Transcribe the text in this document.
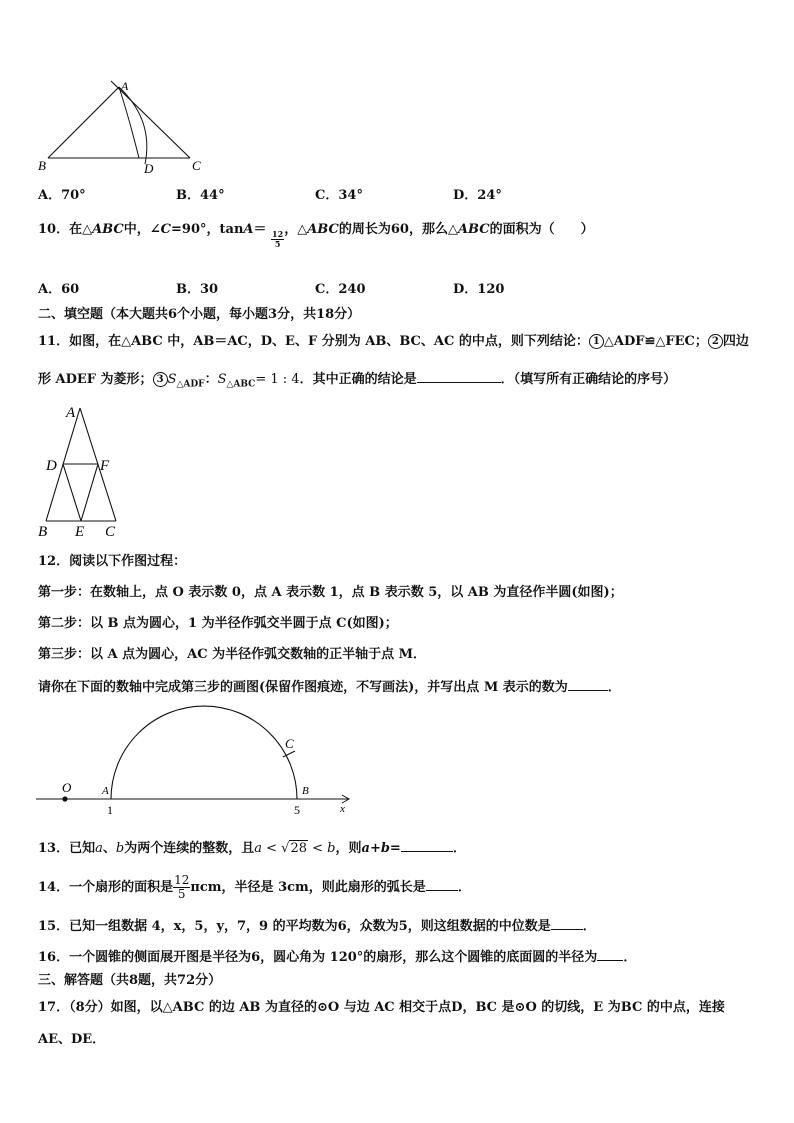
A
B	C
D
A．70°	B．44°	C．34°	D．24°
10．在△ABC中，∠C=90°，tanA＝
$\frac{12}{5}$
，△ABC的周长为60，那么△ABC的面积为（　　）
A．60	B．30	C．240	D．120
二、填空题（本大题共6个小题，每小题3分，共18分）
11．如图，在△ABC 中，AB＝AC，D、E、F 分别为 AB、BC、AC 的中点，则下列结论： 1 △ADF≌△FEC； 2 四边
形 ADEF 为菱形； 3 $S_{\triangle ADF}$：$S_{\triangle ABC}= 1$ : 4．其中正确的结论是	．（填写所有正确结论的序号）
A
D	F
B E C
12．阅读以下作图过程：
第一步：在数轴上，点 O 表示数 0，点 A 表示数 1，点 B 表示数 5，以 AB 为直径作半圆(如图)；
第二步：以 B 点为圆心，1 为半径作弧交半圆于点 C(如图)；
第三步：以 A 点为圆心，AC 为半径作弧交数轴的正半轴于点 M．
请你在下面的数轴中完成第三步的画图(保留作图痕迹，不写画法)，并写出点 M 表示的数为	．
O	A	B
C
x
1	5
13．已知a、b为两个连续的整数，且a < √28 < b，则a+b=	．
14．一个扇形的面积是 $\frac{12}{5}$ πcm，半径是 3cm，则此扇形的弧长是 ．
15．已知一组数据 4，x，5，y，7，9 的平均数为6，众数为5，则这组数据的中位数是 ．
16．一个圆锥的侧面展开图是半径为6，圆心角为 120°的扇形，那么这个圆锥的底面圆的半径为 ．
三、解答题（共8题，共72分）
17．（8分）如图，以△ABC 的边 AB 为直径的⊙O 与边 AC 相交于点D，BC 是⊙O 的切线，E 为BC 的中点，连接
AE、DE．
